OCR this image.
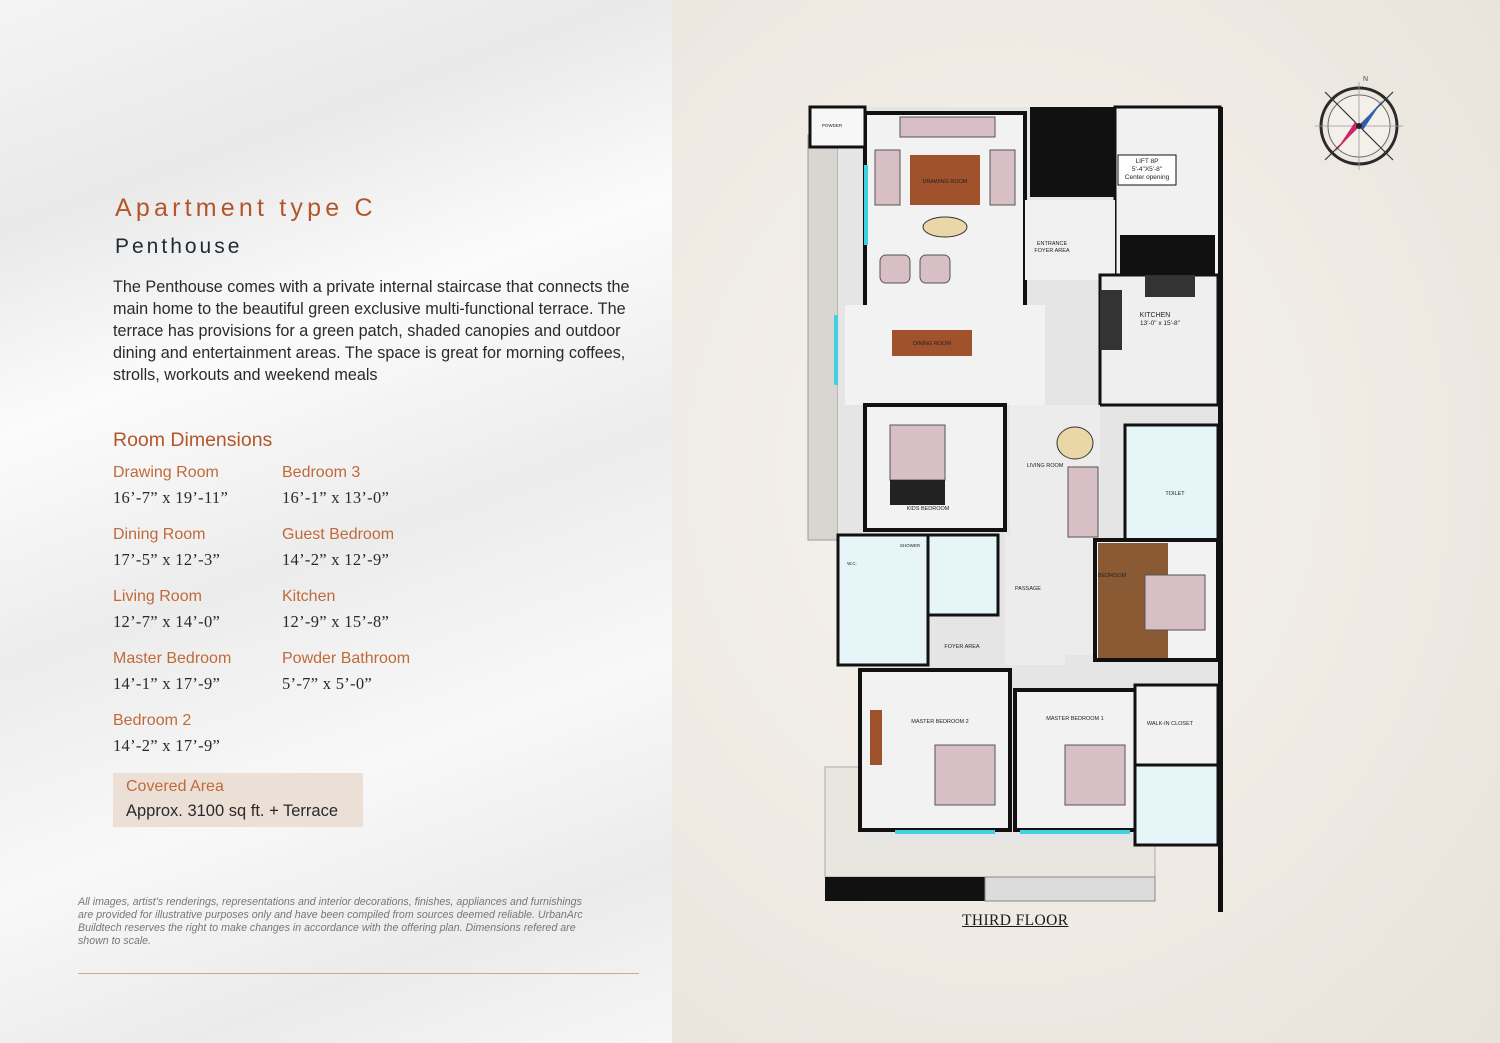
Apartment type C
Penthouse
The Penthouse comes with a private internal staircase that connects the main home to the beautiful green exclusive multi-functional terrace. The terrace has provisions for a green patch, shaded canopies and outdoor dining and entertainment areas. The space is great for morning coffees, strolls, workouts and weekend meals
Room Dimensions
Drawing Room
16’-7” x 19’-11”
Bedroom 3
16’-1” x 13’-0”
Dining Room
17’-5” x 12’-3”
Guest Bedroom
14’-2” x 12’-9”
Living Room
12’-7” x 14’-0”
Kitchen
12’-9” x 15’-8”
Master Bedroom
14’-1” x 17’-9”
Powder Bathroom
5’-7” x 5’-0”
Bedroom 2
14’-2” x 17’-9”
Covered Area
Approx. 3100 sq ft. + Terrace
All images, artist’s renderings, representations and interior decorations, finishes, appliances and furnishings are provided for illustrative purposes only and have been compiled from sources deemed reliable. UrbanArc Buildtech reserves the right to make changes in accordance with the offering plan. Dimensions refered are shown to scale.
N
DRAWING ROOM
DINING ROOM
ENTRANCE
FOYER AREA
LIFT 8P
5'-4"X5'-8"
Center opening
KITCHEN
13'-0" x 15'-8"
LIVING ROOM
KIDS BEDROOM
TOILET
PASSAGE
BEDROOM
FOYER AREA
MASTER BEDROOM 2	MASTER BEDROOM 1
WALK-IN CLOSET
POWDER
SHOWER
W.C.
THIRD FLOOR
